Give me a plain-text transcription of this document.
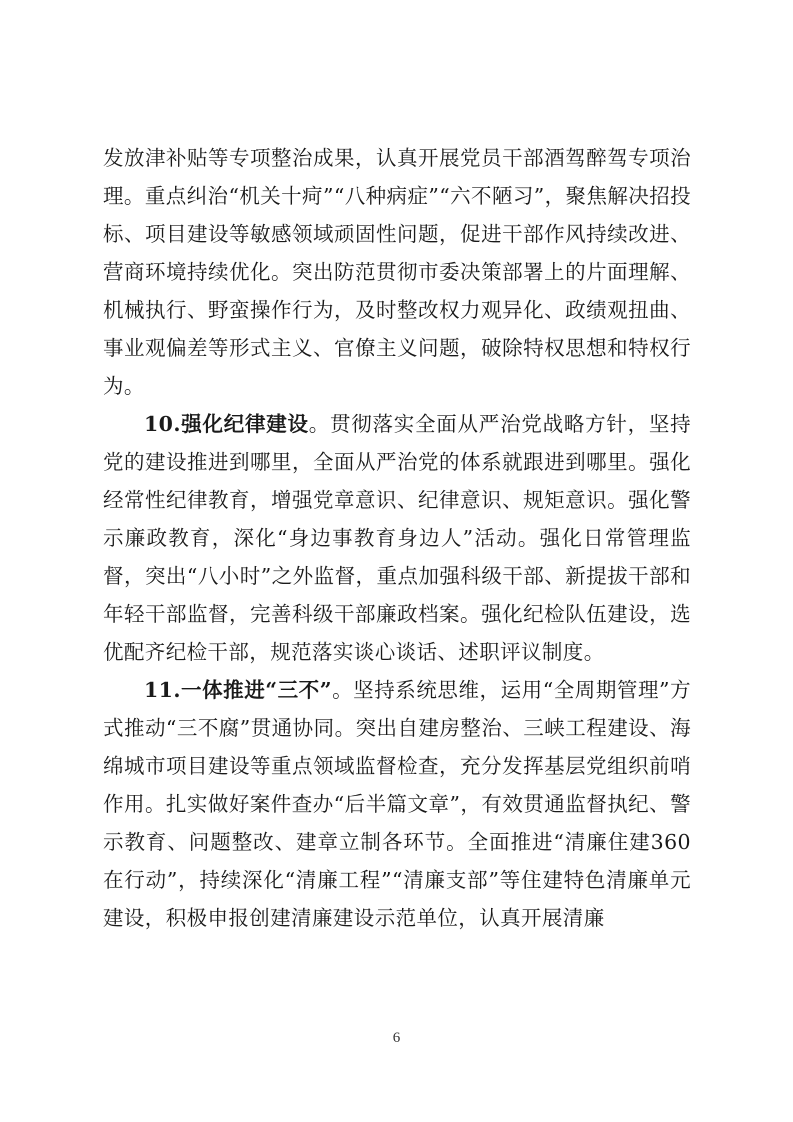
发放津补贴等专项整治成果，认真开展党员干部酒驾醉驾专项治理。重点纠治“机关十疴”“八种病症”“六不陋习”，聚焦解决招投标、项目建设等敏感领域顽固性问题，促进干部作风持续改进、营商环境持续优化。突出防范贯彻市委决策部署上的片面理解、机械执行、野蛮操作行为，及时整改权力观异化、政绩观扭曲、事业观偏差等形式主义、官僚主义问题，破除特权思想和特权行为。

10.强化纪律建设。贯彻落实全面从严治党战略方针，坚持党的建设推进到哪里，全面从严治党的体系就跟进到哪里。强化经常性纪律教育，增强党章意识、纪律意识、规矩意识。强化警示廉政教育，深化“身边事教育身边人”活动。强化日常管理监督，突出“八小时”之外监督，重点加强科级干部、新提拔干部和年轻干部监督，完善科级干部廉政档案。强化纪检队伍建设，选优配齐纪检干部，规范落实谈心谈话、述职评议制度。

11.一体推进“三不”。坚持系统思维，运用“全周期管理”方式推动“三不腐”贯通协同。突出自建房整治、三峡工程建设、海绵城市项目建设等重点领域监督检查，充分发挥基层党组织前哨作用。扎实做好案件查办“后半篇文章”，有效贯通监督执纪、警示教育、问题整改、建章立制各环节。全面推进“清廉住建360在行动”，持续深化“清廉工程”“清廉支部”等住建特色清廉单元建设，积极申报创建清廉建设示范单位，认真开展清廉

6
